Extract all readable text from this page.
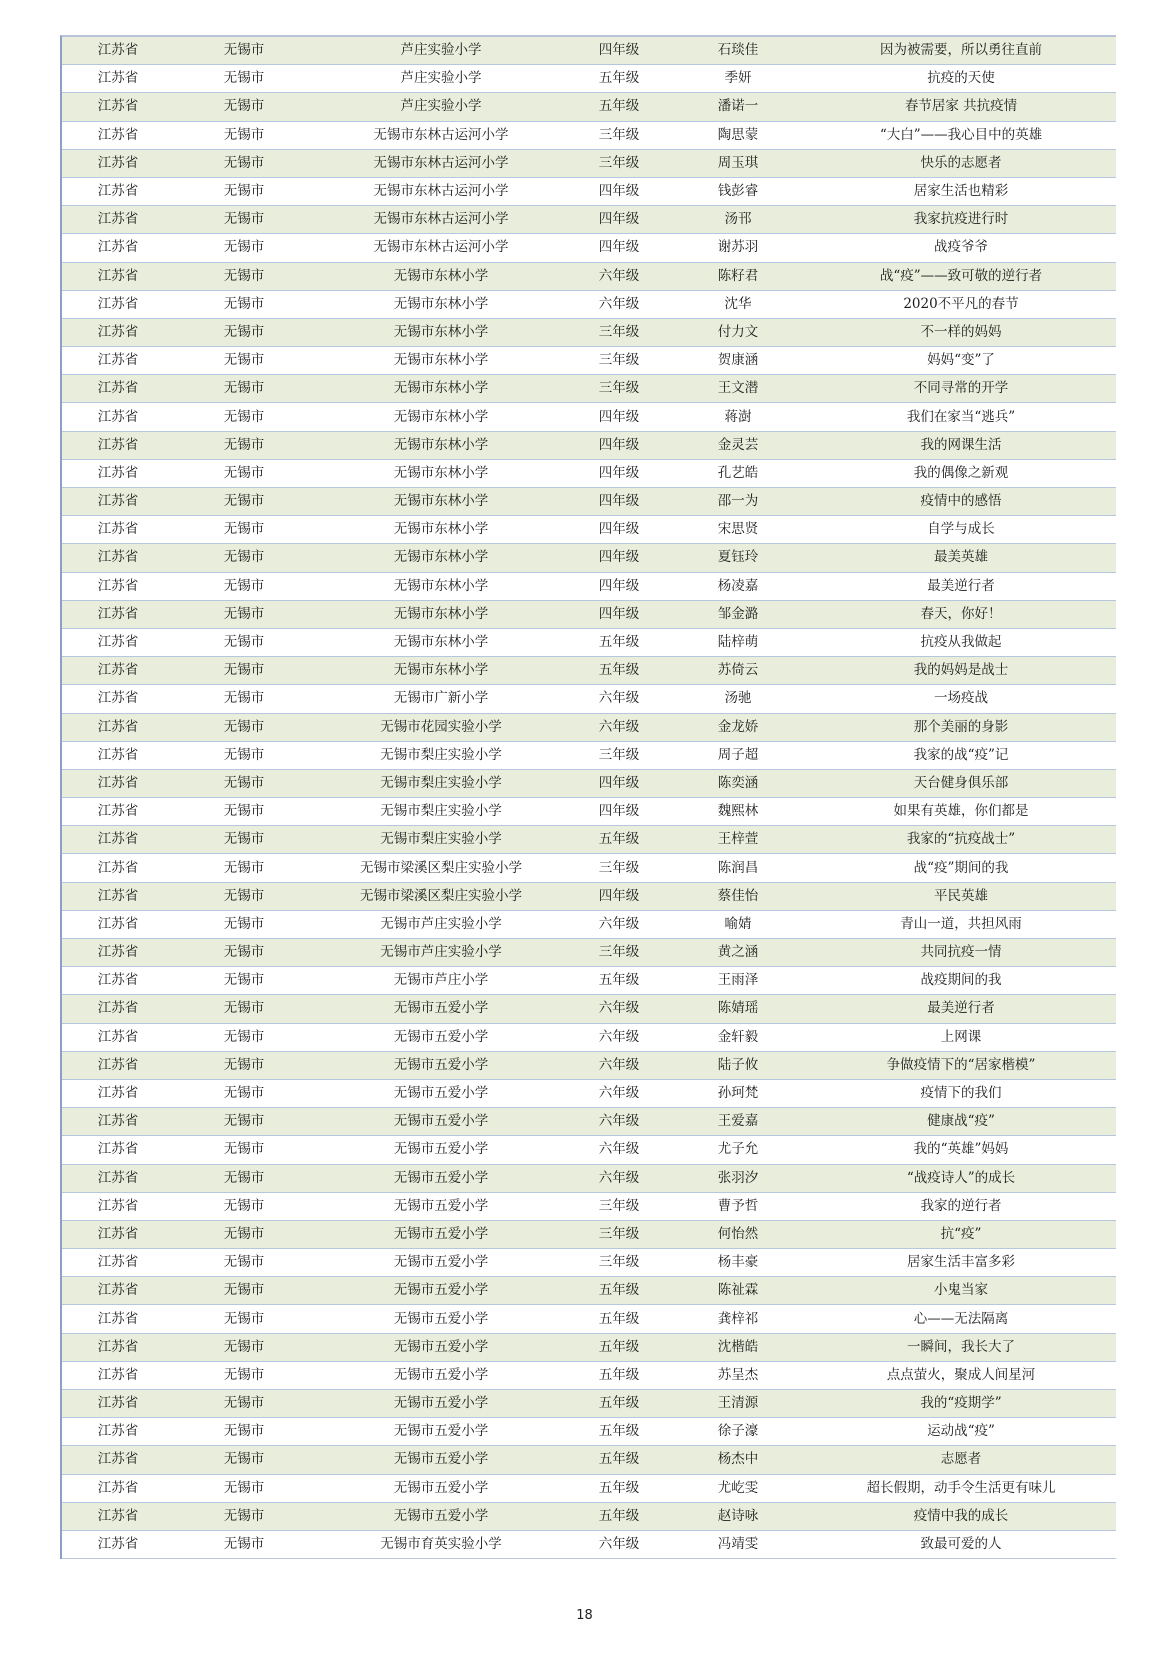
江苏省	无锡市	芦庄实验小学	四年级	石琰佳	因为被需要，所以勇往直前
江苏省	无锡市	芦庄实验小学	五年级	季妍	抗疫的天使
江苏省	无锡市	芦庄实验小学	五年级	潘诺一	春节居家 共抗疫情
江苏省	无锡市	无锡市东林古运河小学	三年级	陶思蒙	“大白”——我心目中的英雄
江苏省	无锡市	无锡市东林古运河小学	三年级	周玉琪	快乐的志愿者
江苏省	无锡市	无锡市东林古运河小学	四年级	钱彭睿	居家生活也精彩
江苏省	无锡市	无锡市东林古运河小学	四年级	汤邗	我家抗疫进行时
江苏省	无锡市	无锡市东林古运河小学	四年级	谢苏羽	战疫爷爷
江苏省	无锡市	无锡市东林小学	六年级	陈籽君	战“疫”——致可敬的逆行者
江苏省	无锡市	无锡市东林小学	六年级	沈华	2020不平凡的春节
江苏省	无锡市	无锡市东林小学	三年级	付力文	不一样的妈妈
江苏省	无锡市	无锡市东林小学	三年级	贺康涵	妈妈“变”了
江苏省	无锡市	无锡市东林小学	三年级	王文潜	不同寻常的开学
江苏省	无锡市	无锡市东林小学	四年级	蒋澍	我们在家当“逃兵”
江苏省	无锡市	无锡市东林小学	四年级	金灵芸	我的网课生活
江苏省	无锡市	无锡市东林小学	四年级	孔艺皓	我的偶像之新观
江苏省	无锡市	无锡市东林小学	四年级	邵一为	疫情中的感悟
江苏省	无锡市	无锡市东林小学	四年级	宋思贤	自学与成长
江苏省	无锡市	无锡市东林小学	四年级	夏钰玲	最美英雄
江苏省	无锡市	无锡市东林小学	四年级	杨凌嘉	最美逆行者
江苏省	无锡市	无锡市东林小学	四年级	邹金潞	春天，你好！
江苏省	无锡市	无锡市东林小学	五年级	陆梓萌	抗疫从我做起
江苏省	无锡市	无锡市东林小学	五年级	苏倚云	我的妈妈是战士
江苏省	无锡市	无锡市广新小学	六年级	汤驰	一场疫战
江苏省	无锡市	无锡市花园实验小学	六年级	金龙娇	那个美丽的身影
江苏省	无锡市	无锡市梨庄实验小学	三年级	周子超	我家的战“疫”记
江苏省	无锡市	无锡市梨庄实验小学	四年级	陈奕涵	天台健身俱乐部
江苏省	无锡市	无锡市梨庄实验小学	四年级	魏熙林	如果有英雄，你们都是
江苏省	无锡市	无锡市梨庄实验小学	五年级	王梓萱	我家的“抗疫战士”
江苏省	无锡市	无锡市梁溪区梨庄实验小学	三年级	陈润昌	战“疫”期间的我
江苏省	无锡市	无锡市梁溪区梨庄实验小学	四年级	蔡佳怡	平民英雄
江苏省	无锡市	无锡市芦庄实验小学	六年级	喻婧	青山一道，共担风雨
江苏省	无锡市	无锡市芦庄实验小学	三年级	黄之涵	共同抗疫一情
江苏省	无锡市	无锡市芦庄小学	五年级	王雨泽	战疫期间的我
江苏省	无锡市	无锡市五爱小学	六年级	陈婧瑶	最美逆行者
江苏省	无锡市	无锡市五爱小学	六年级	金轩毅	上网课
江苏省	无锡市	无锡市五爱小学	六年级	陆子攸	争做疫情下的“居家楷模”
江苏省	无锡市	无锡市五爱小学	六年级	孙珂梵	疫情下的我们
江苏省	无锡市	无锡市五爱小学	六年级	王爱嘉	健康战“疫”
江苏省	无锡市	无锡市五爱小学	六年级	尤子允	我的“英雄”妈妈
江苏省	无锡市	无锡市五爱小学	六年级	张羽汐	“战疫诗人”的成长
江苏省	无锡市	无锡市五爱小学	三年级	曹予哲	我家的逆行者
江苏省	无锡市	无锡市五爱小学	三年级	何怡然	抗“疫”
江苏省	无锡市	无锡市五爱小学	三年级	杨丰豪	居家生活丰富多彩
江苏省	无锡市	无锡市五爱小学	五年级	陈祉霖	小鬼当家
江苏省	无锡市	无锡市五爱小学	五年级	龚梓祁	心——无法隔离
江苏省	无锡市	无锡市五爱小学	五年级	沈楷皓	一瞬间，我长大了
江苏省	无锡市	无锡市五爱小学	五年级	苏呈杰	点点萤火，聚成人间星河
江苏省	无锡市	无锡市五爱小学	五年级	王清源	我的“疫期学”
江苏省	无锡市	无锡市五爱小学	五年级	徐子濠	运动战“疫”
江苏省	无锡市	无锡市五爱小学	五年级	杨杰中	志愿者
江苏省	无锡市	无锡市五爱小学	五年级	尤屹雯	超长假期，动手令生活更有味儿
江苏省	无锡市	无锡市五爱小学	五年级	赵诗咏	疫情中我的成长
江苏省	无锡市	无锡市育英实验小学	六年级	冯靖雯	致最可爱的人
18
